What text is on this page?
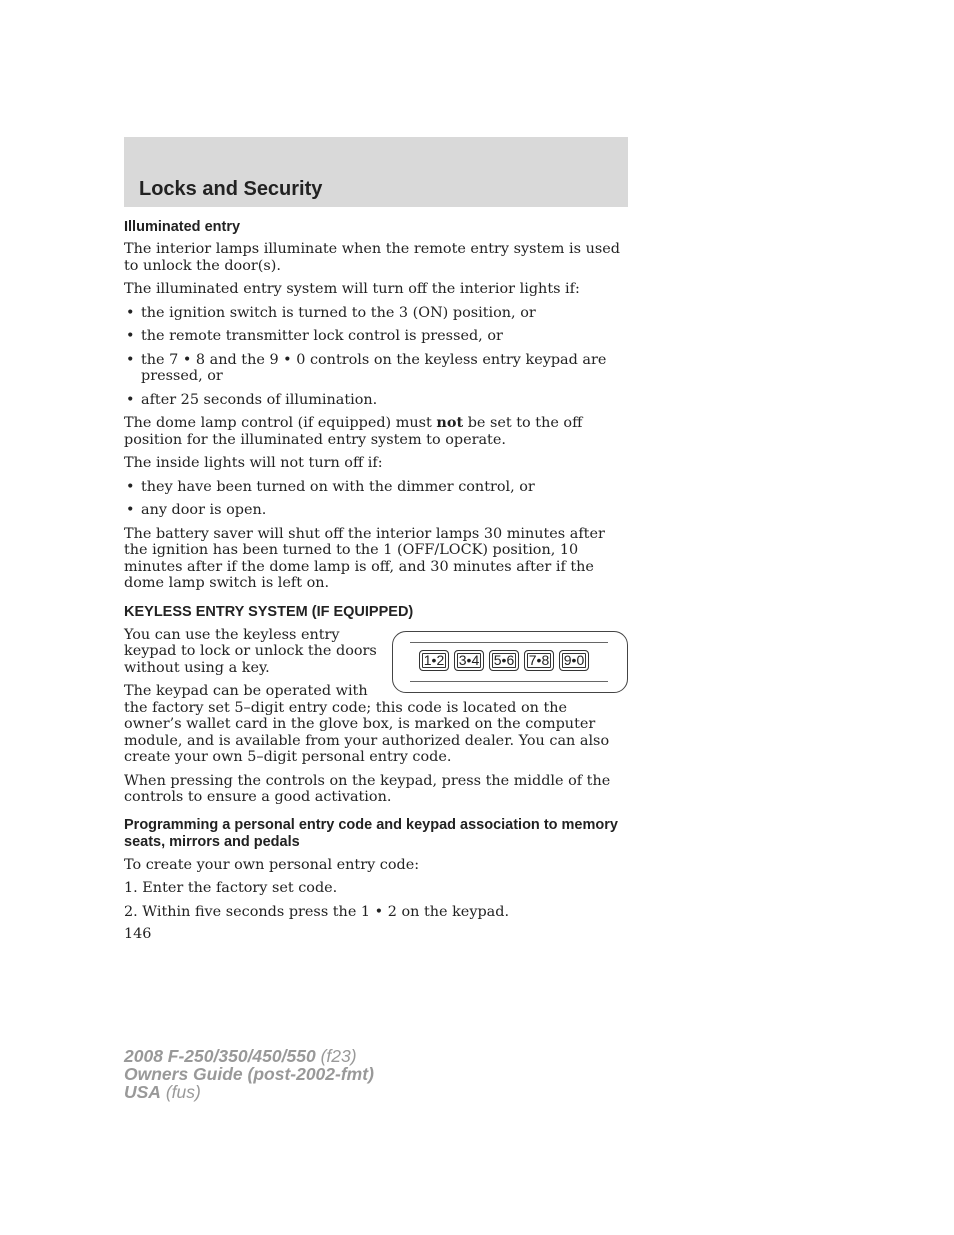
Locks and Security
Illuminated entry

The interior lamps illuminate when the remote entry system is used to unlock the door(s).

The illuminated entry system will turn off the interior lights if:

• the ignition switch is turned to the 3 (ON) position, or
• the remote transmitter lock control is pressed, or
• the 7 • 8 and the 9 • 0 controls on the keyless entry keypad are pressed, or
• after 25 seconds of illumination.

The dome lamp control (if equipped) must not be set to the off position for the illuminated entry system to operate.

The inside lights will not turn off if:

• they have been turned on with the dimmer control, or
• any door is open.

The battery saver will shut off the interior lamps 30 minutes after the ignition has been turned to the 1 (OFF/LOCK) position, 10 minutes after if the dome lamp is off, and 30 minutes after if the dome lamp switch is left on.

KEYLESS ENTRY SYSTEM (IF EQUIPPED)
1•2	3•4	5•6	7•8	9•0

You can use the keyless entry keypad to lock or unlock the doors without using a key.

The keypad can be operated with the factory set 5–digit entry code; this code is located on the owner’s wallet card in the glove box, is marked on the computer module, and is available from your authorized dealer. You can also create your own 5–digit personal entry code.

When pressing the controls on the keypad, press the middle of the controls to ensure a good activation.

Programming a personal entry code and keypad association to memory seats, mirrors and pedals

To create your own personal entry code:

1. Enter the factory set code.
2. Within five seconds press the 1 • 2 on the keypad.
146
2008 F-250/350/450/550 (f23)
Owners Guide (post-2002-fmt)
USA (fus)
